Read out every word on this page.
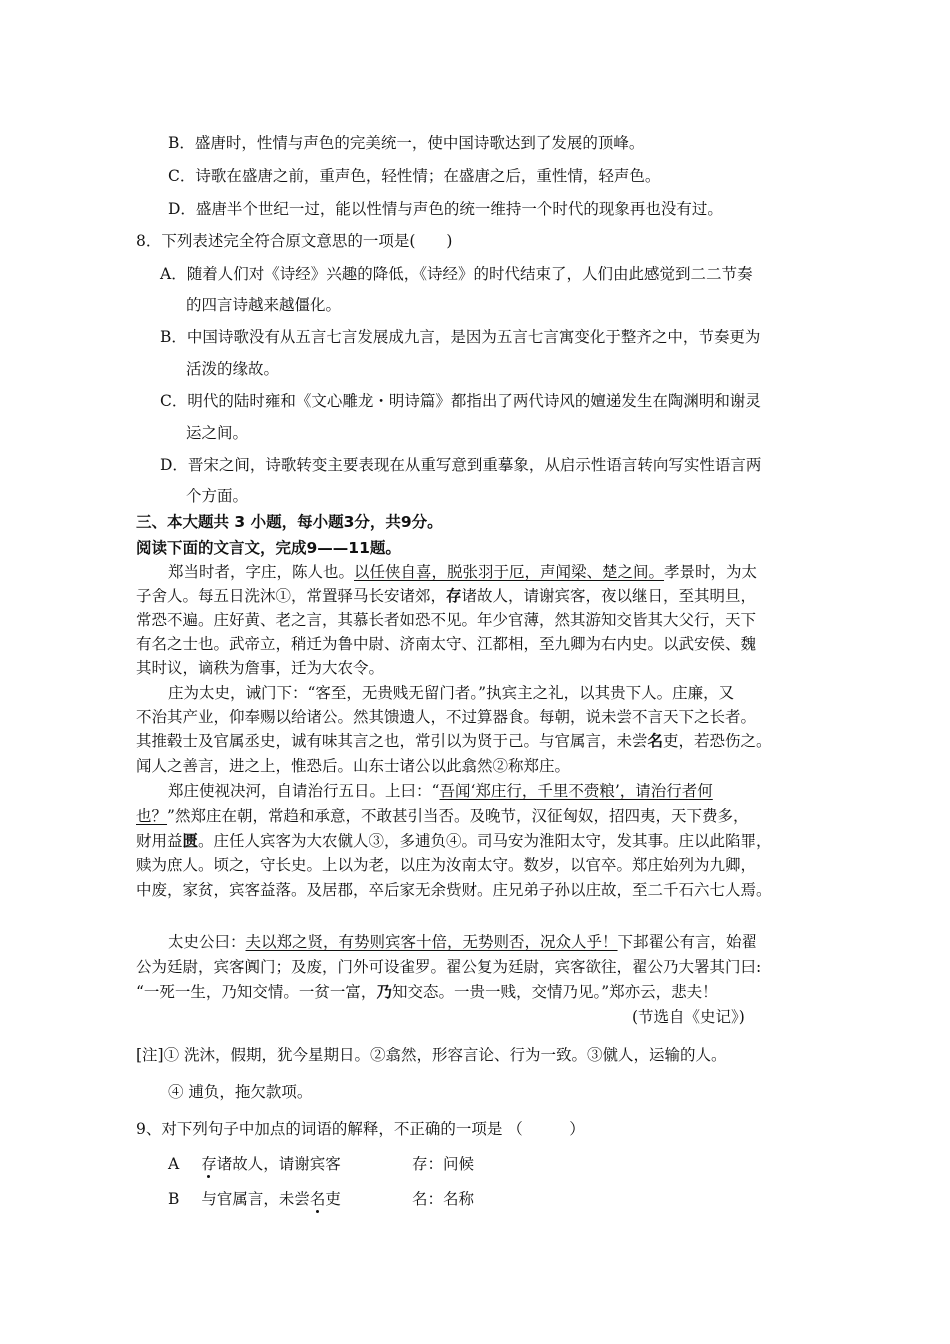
B．盛唐时，性情与声色的完美统一，使中国诗歌达到了发展的顶峰。
C．诗歌在盛唐之前，重声色，轻性情；在盛唐之后，重性情，轻声色。
D．盛唐半个世纪一过，能以性情与声色的统一维持一个时代的现象再也没有过。
8．下列表述完全符合原文意思的一项是(　　)
A．随着人们对《诗经》兴趣的降低，《诗经》的时代结束了，人们由此感觉到二二节奏
的四言诗越来越僵化。
B．中国诗歌没有从五言七言发展成九言，是因为五言七言寓变化于整齐之中，节奏更为
活泼的缘故。
C．明代的陆时雍和《文心雕龙・明诗篇》都指出了两代诗风的嬗递发生在陶渊明和谢灵
运之间。
D．晋宋之间，诗歌转变主要表现在从重写意到重摹象，从启示性语言转向写实性语言两
个方面。
三、本大题共 3 小题，每小题3分，共9分。
阅读下面的文言文，完成9——11题。
郑当时者，字庄，陈人也。以任侠自喜，脱张羽于厄，声闻梁、楚之间。孝景时，为太
子舍人。每五日洗沐①，常置驿马长安诸郊，存诸故人，请谢宾客，夜以继日，至其明旦，
常恐不遍。庄好黄、老之言，其慕长者如恐不见。年少官薄，然其游知交皆其大父行，天下
有名之士也。武帝立，稍迁为鲁中尉、济南太守、江都相，至九卿为右内史。以武安侯、魏
其时议，谪秩为詹事，迁为大农令。
庄为太史，诫门下：“客至，无贵贱无留门者。”执宾主之礼，以其贵下人。庄廉，又
不治其产业，仰奉赐以给诸公。然其馈遗人，不过算器食。每朝，说未尝不言天下之长者。
其推毂士及官属丞史，诚有味其言之也，常引以为贤于己。与官属言，未尝名吏，若恐伤之。
闻人之善言，进之上，惟恐后。山东士诸公以此翕然②称郑庄。
郑庄使视决河，自请治行五日。上曰：“吾闻‘郑庄行，千里不赍粮’，请治行者何
也？”然郑庄在朝，常趋和承意，不敢甚引当否。及晚节，汉征匈奴，招四夷，天下费多，
财用益匮。庄任人宾客为大农僦人③，多逋负④。司马安为淮阳太守，发其事。庄以此陷罪，
赎为庶人。顷之，守长史。上以为老，以庄为汝南太守。数岁，以官卒。郑庄始列为九卿，
中废，家贫，宾客益落。及居郡，卒后家无余赀财。庄兄弟子孙以庄故，至二千石六七人焉。
太史公曰：夫以郑之贤，有势则宾客十倍，无势则否，况众人乎！下邽翟公有言，始翟
公为廷尉，宾客阗门；及废，门外可设雀罗。翟公复为廷尉，宾客欲往，翟公乃大署其门曰:
“一死一生，乃知交情。一贫一富，乃知交态。一贵一贱，交情乃见。”郑亦云，悲夫！
(节选自《史记》)
[注]① 洗沐，假期，犹今星期日。②翕然，形容言论、行为一致。③僦人，运输的人。
④ 逋负，拖欠款项。
9、对下列句子中加点的词语的解释，不正确的一项是 （　　　）
A 存诸故人，请谢宾客	存：问候
B 与官属言，未尝名吏	名：名称
